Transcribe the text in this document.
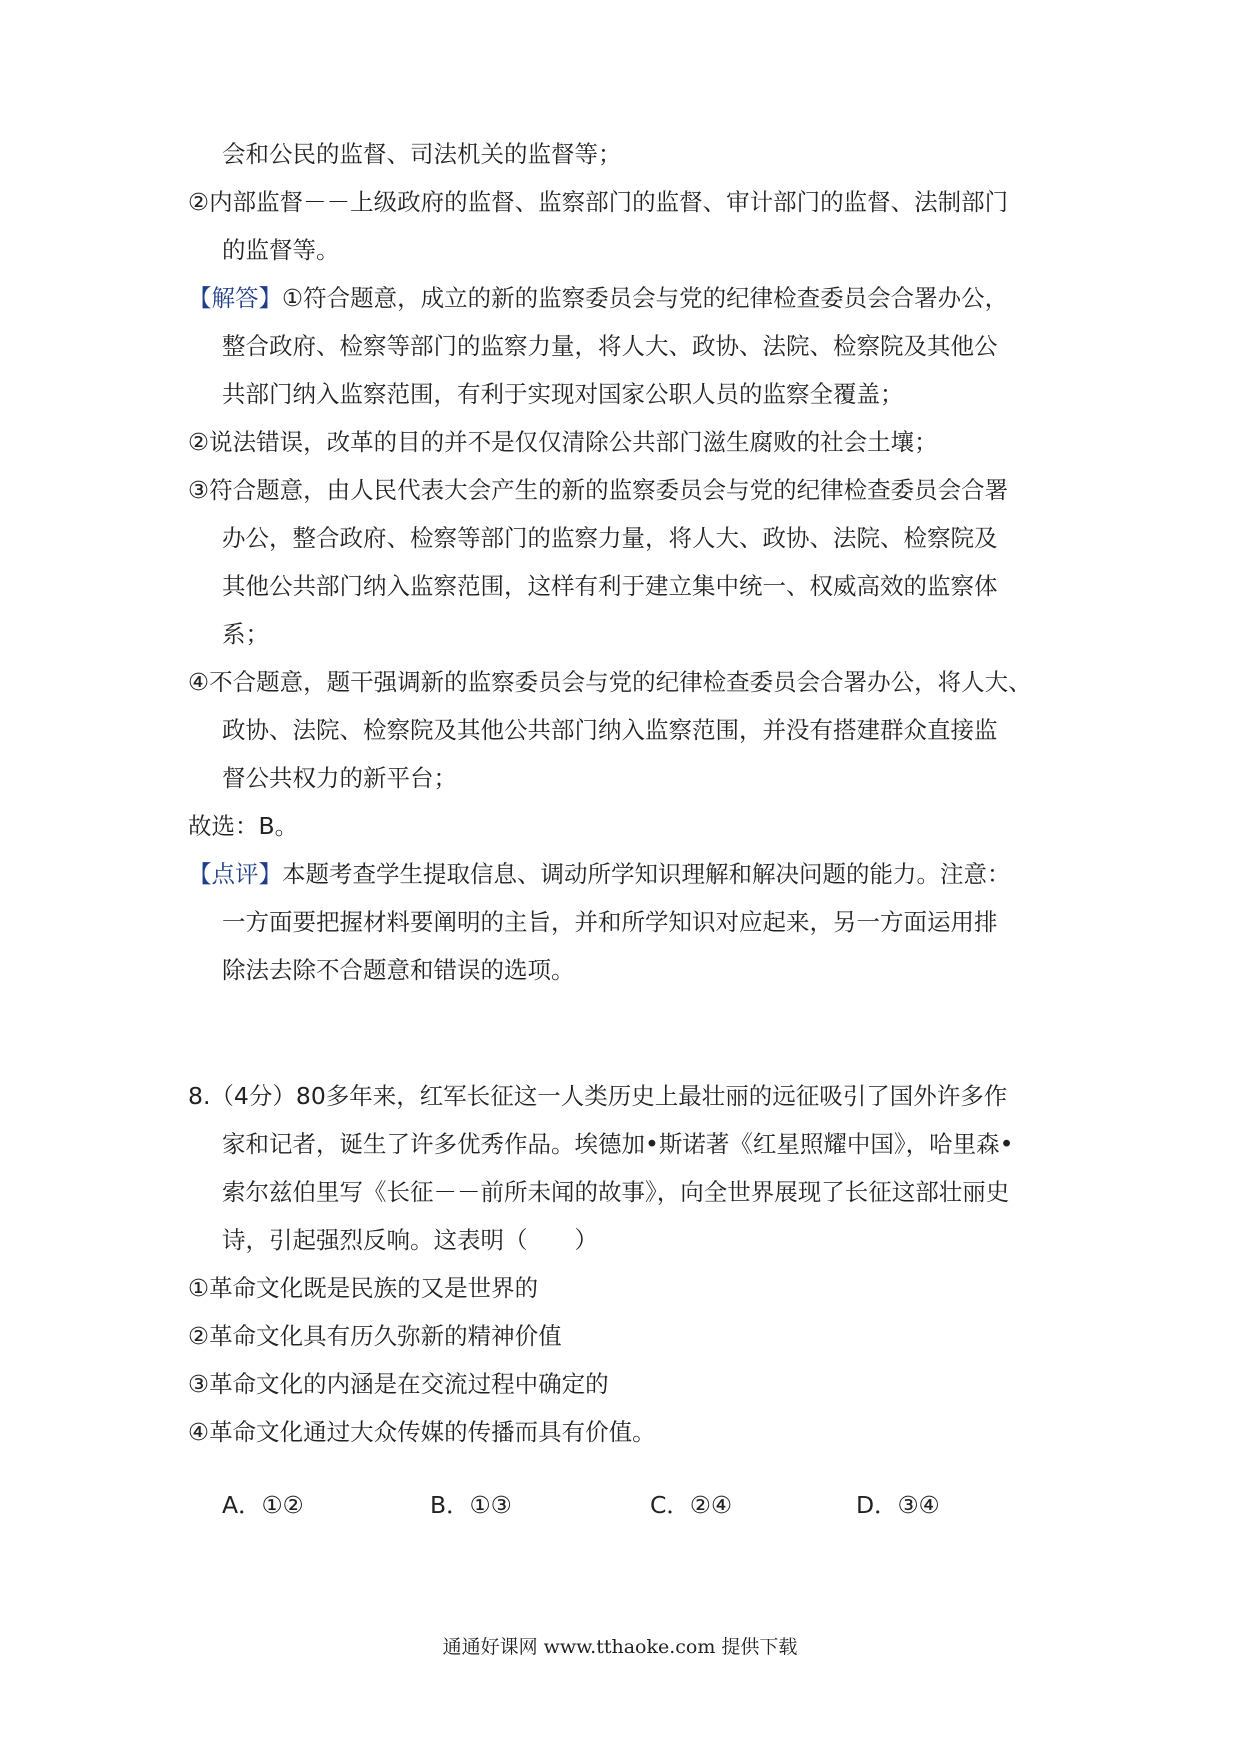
会和公民的监督、司法机关的监督等；
②内部监督－－上级政府的监督、监察部门的监督、审计部门的监督、法制部门
的监督等。
【解答】①符合题意，成立的新的监察委员会与党的纪律检查委员会合署办公，
整合政府、检察等部门的监察力量，将人大、政协、法院、检察院及其他公
共部门纳入监察范围，有利于实现对国家公职人员的监察全覆盖；
②说法错误，改革的目的并不是仅仅清除公共部门滋生腐败的社会土壤；
③符合题意，由人民代表大会产生的新的监察委员会与党的纪律检查委员会合署
办公，整合政府、检察等部门的监察力量，将人大、政协、法院、检察院及
其他公共部门纳入监察范围，这样有利于建立集中统一、权威高效的监察体
系；
④不合题意，题干强调新的监察委员会与党的纪律检查委员会合署办公，将人大、
政协、法院、检察院及其他公共部门纳入监察范围，并没有搭建群众直接监
督公共权力的新平台；
故选：B。
【点评】本题考查学生提取信息、调动所学知识理解和解决问题的能力。注意：
一方面要把握材料要阐明的主旨，并和所学知识对应起来，另一方面运用排
除法去除不合题意和错误的选项。
8.（4分）80多年来，红军长征这一人类历史上最壮丽的远征吸引了国外许多作
家和记者，诞生了许多优秀作品。埃德加•斯诺著《红星照耀中国》，哈里森•
索尔兹伯里写《长征－－前所未闻的故事》，向全世界展现了长征这部壮丽史
诗，引起强烈反响。这表明（　　）
①革命文化既是民族的又是世界的
②革命文化具有历久弥新的精神价值
③革命文化的内涵是在交流过程中确定的
④革命文化通过大众传媒的传播而具有价值。
A．①②	B．①③	C．②④	D．③④
通通好课网 www.tthaoke.com 提供下载
